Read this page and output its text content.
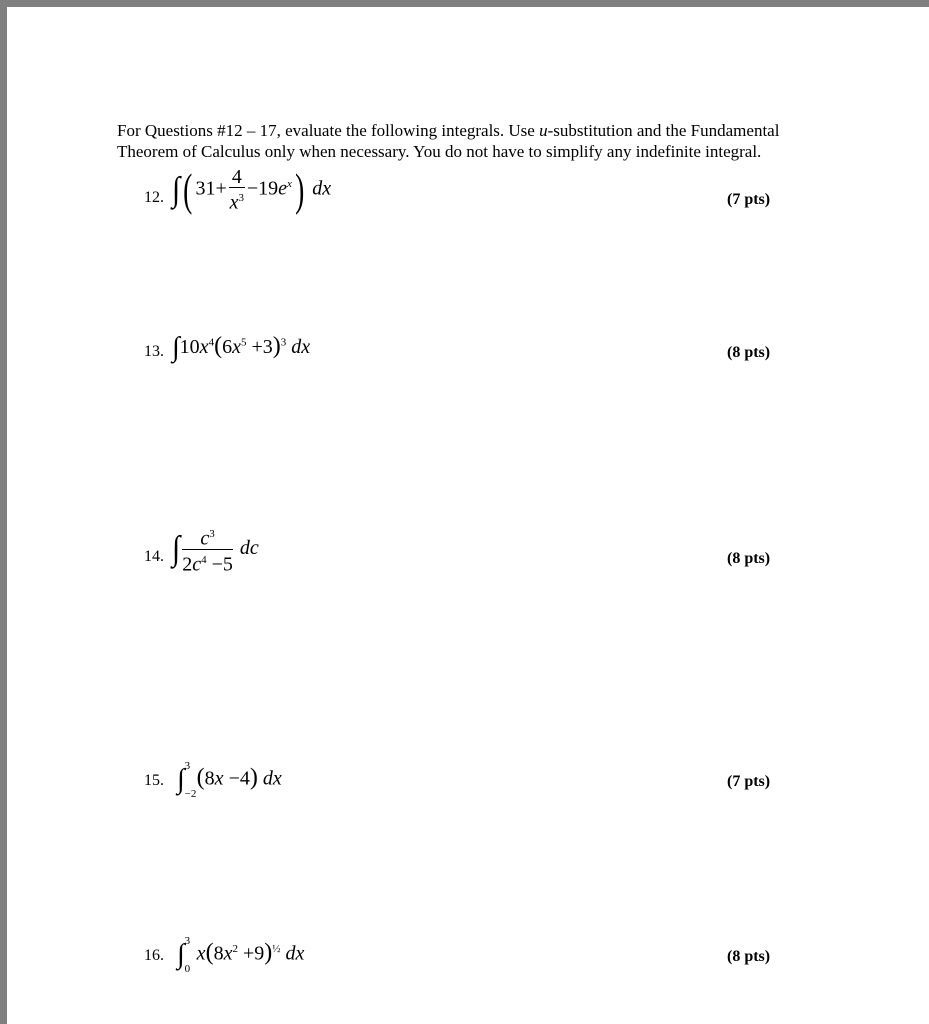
For Questions #12 – 17, evaluate the following integrals. Use u-substitution and the Fundamental
Theorem of Calculus only when necessary. You do not have to simplify any indefinite integral.
12. ∫( $31+ \frac{4}{x^3} -19e^x$) dx	(7 pts)
13. $\int 10x^4(6x^5 +3)^3$ dx	(8 pts)
14. ∫ $\frac{c^3}{2c^4 -5}$ dc	(8 pts)
15. ∫ 3
−2
(8x −4) dx	(7 pts)
16. ∫ 3
0
$x(8x^2 +9)^{\frac{1}{2}}$ dx	(8 pts)
